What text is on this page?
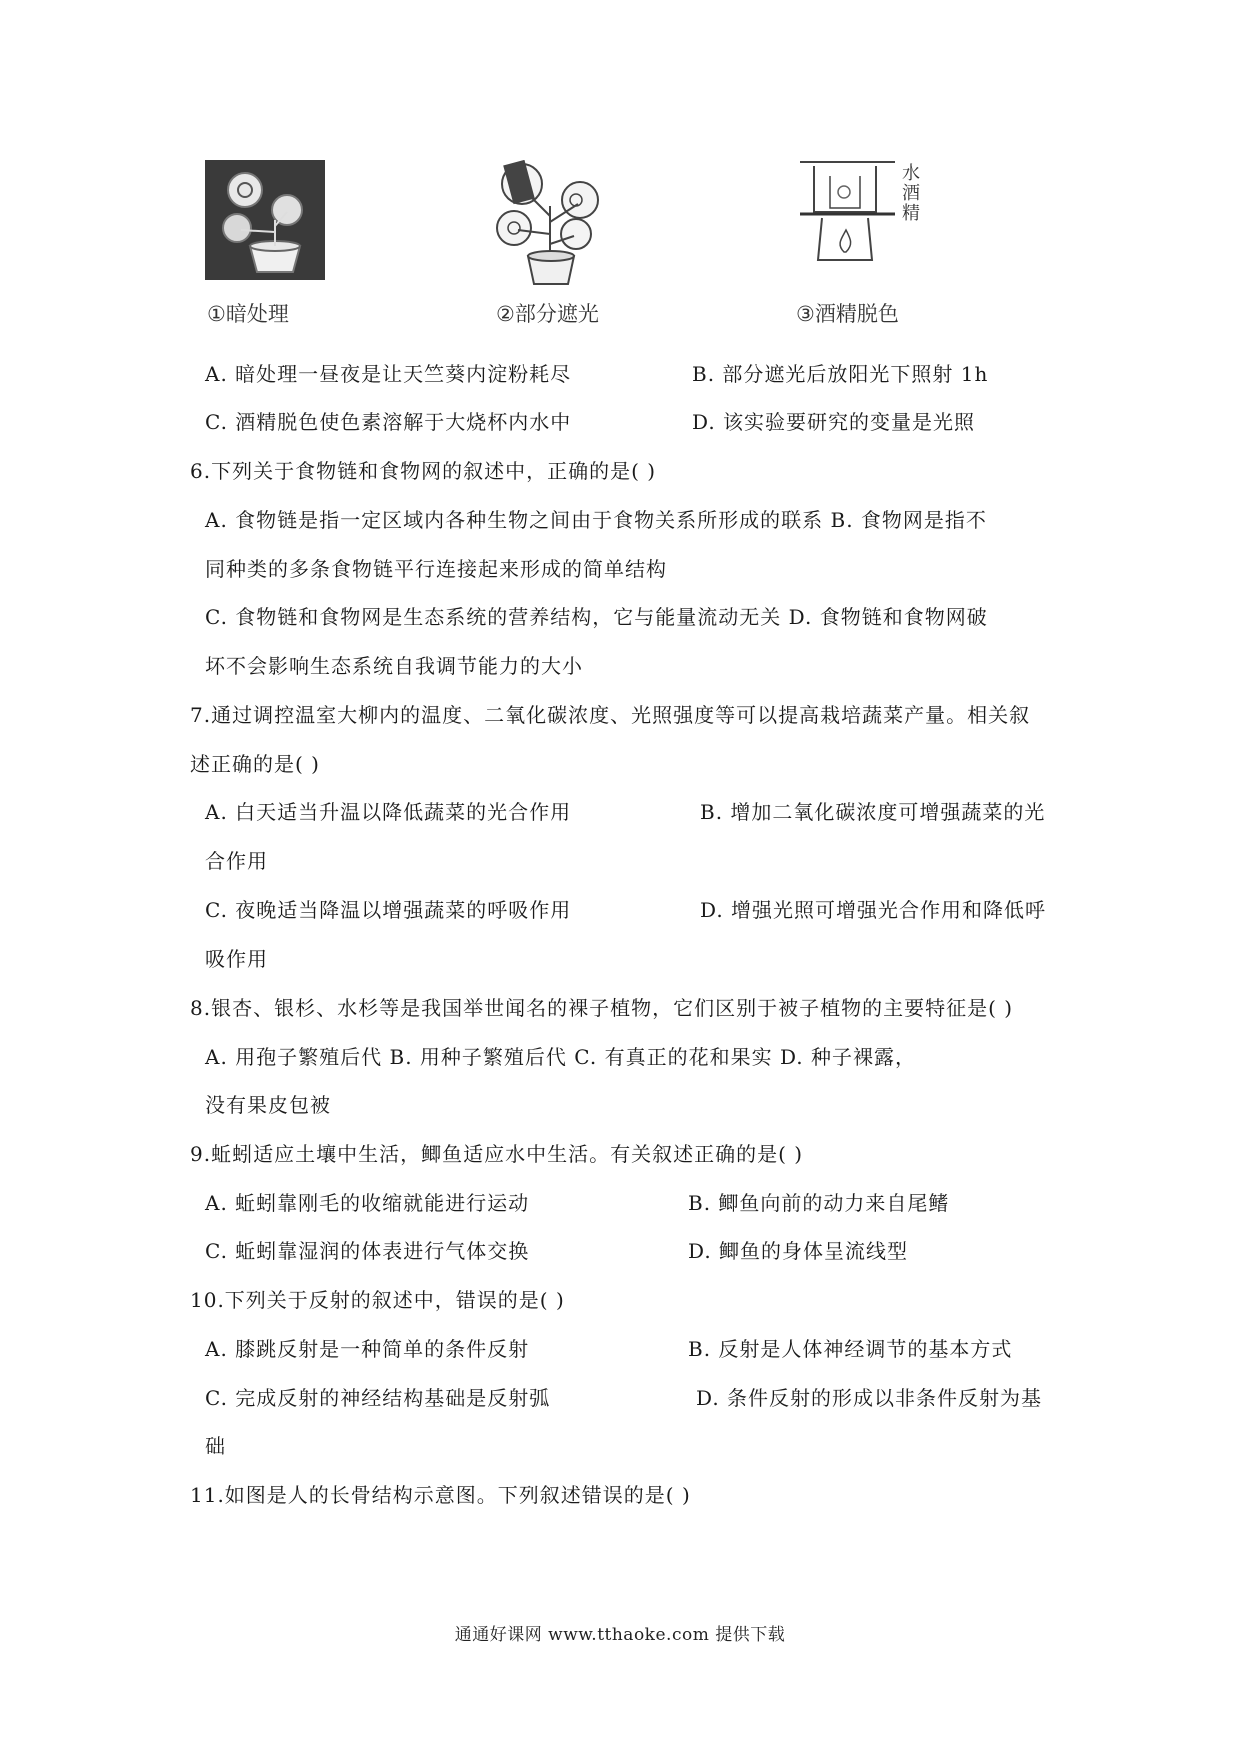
①暗处理	②部分遮光
水
酒精
③酒精脱色
A. 暗处理一昼夜是让天竺葵内淀粉耗尽	B. 部分遮光后放阳光下照射 1h
C. 酒精脱色使色素溶解于大烧杯内水中	D. 该实验要研究的变量是光照
6.下列关于食物链和食物网的叙述中，正确的是( )
A. 食物链是指一定区域内各种生物之间由于食物关系所形成的联系 B. 食物网是指不
同种类的多条食物链平行连接起来形成的简单结构
C. 食物链和食物网是生态系统的营养结构，它与能量流动无关 D. 食物链和食物网破
坏不会影响生态系统自我调节能力的大小
7.通过调控温室大柳内的温度、二氧化碳浓度、光照强度等可以提高栽培蔬菜产量。相关叙
述正确的是( )
A. 白天适当升温以降低蔬菜的光合作用	B. 增加二氧化碳浓度可增强蔬菜的光
合作用
C. 夜晚适当降温以增强蔬菜的呼吸作用	D. 增强光照可增强光合作用和降低呼
吸作用
8.银杏、银杉、水杉等是我国举世闻名的裸子植物，它们区别于被子植物的主要特征是( )
A. 用孢子繁殖后代 B. 用种子繁殖后代 C. 有真正的花和果实 D. 种子裸露，
没有果皮包被
9.蚯蚓适应土壤中生活，鲫鱼适应水中生活。有关叙述正确的是( )
A. 蚯蚓靠刚毛的收缩就能进行运动	B. 鲫鱼向前的动力来自尾鳍
C. 蚯蚓靠湿润的体表进行气体交换	D. 鲫鱼的身体呈流线型
10.下列关于反射的叙述中，错误的是( )
A. 膝跳反射是一种简单的条件反射	B. 反射是人体神经调节的基本方式
C. 完成反射的神经结构基础是反射弧	D. 条件反射的形成以非条件反射为基
础
11.如图是人的长骨结构示意图。下列叙述错误的是( )
通通好课网 www.tthaoke.com 提供下载
